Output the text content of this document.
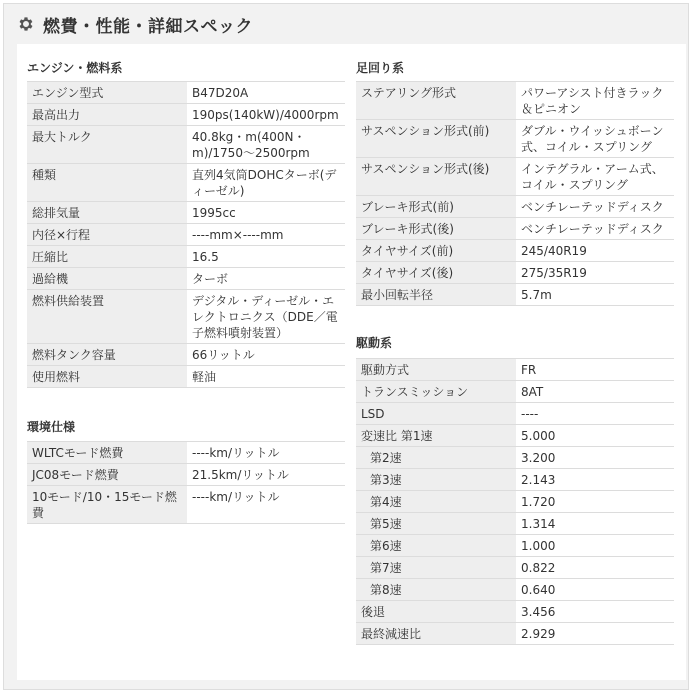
燃費・性能・詳細スペック
エンジン・燃料系
エンジン型式	B47D20A
最高出力	190ps(140kW)/4000rpm
最大トルク	40.8kg・m(400N・m)/1750～2500rpm
種類	直列4気筒DOHCターボ(ディーゼル)
総排気量	1995cc
内径×行程	----mm×----mm
圧縮比	16.5
過給機	ターボ
燃料供給装置	デジタル・ディーゼル・エレクトロニクス（DDE／電子燃料噴射装置）
燃料タンク容量	66リットル
使用燃料	軽油
環境仕様
WLTCモード燃費	----km/リットル
JC08モード燃費	21.5km/リットル
10モード/10・15モード燃費	----km/リットル
足回り系
ステアリング形式	パワーアシスト付きラック＆ピニオン
サスペンション形式(前)	ダブル・ウイッシュボーン式、コイル・スプリング
サスペンション形式(後)	インテグラル・アーム式、コイル・スプリング
ブレーキ形式(前)	ベンチレーテッドディスク
ブレーキ形式(後)	ベンチレーテッドディスク
タイヤサイズ(前)	245/40R19
タイヤサイズ(後)	275/35R19
最小回転半径	5.7m
駆動系
駆動方式	FR
トランスミッション	8AT
LSD	----
変速比 第1速	5.000
第2速	3.200
第3速	2.143
第4速	1.720
第5速	1.314
第6速	1.000
第7速	0.822
第8速	0.640
後退	3.456
最終減速比	2.929
